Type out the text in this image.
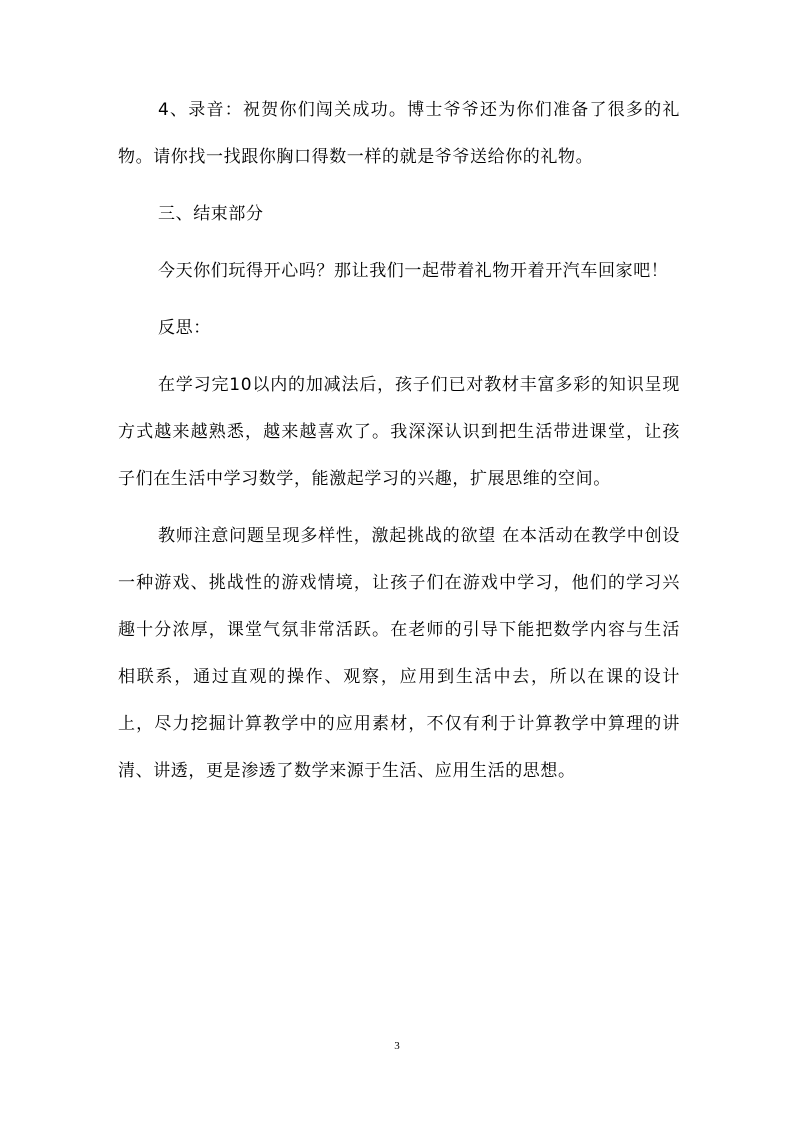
4、录音：祝贺你们闯关成功。博士爷爷还为你们准备了很多的礼物。请你找一找跟你胸口得数一样的就是爷爷送给你的礼物。

三、结束部分

今天你们玩得开心吗？那让我们一起带着礼物开着开汽车回家吧！

反思：

在学习完10以内的加减法后，孩子们已对教材丰富多彩的知识呈现方式越来越熟悉，越来越喜欢了。我深深认识到把生活带进课堂，让孩子们在生活中学习数学，能激起学习的兴趣，扩展思维的空间。

教师注意问题呈现多样性，激起挑战的欲望 在本活动在教学中创设一种游戏、挑战性的游戏情境，让孩子们在游戏中学习，他们的学习兴趣十分浓厚，课堂气氛非常活跃。在老师的引导下能把数学内容与生活相联系，通过直观的操作、观察，应用到生活中去，所以在课的设计上，尽力挖掘计算教学中的应用素材，不仅有利于计算教学中算理的讲清、讲透，更是渗透了数学来源于生活、应用生活的思想。

3
